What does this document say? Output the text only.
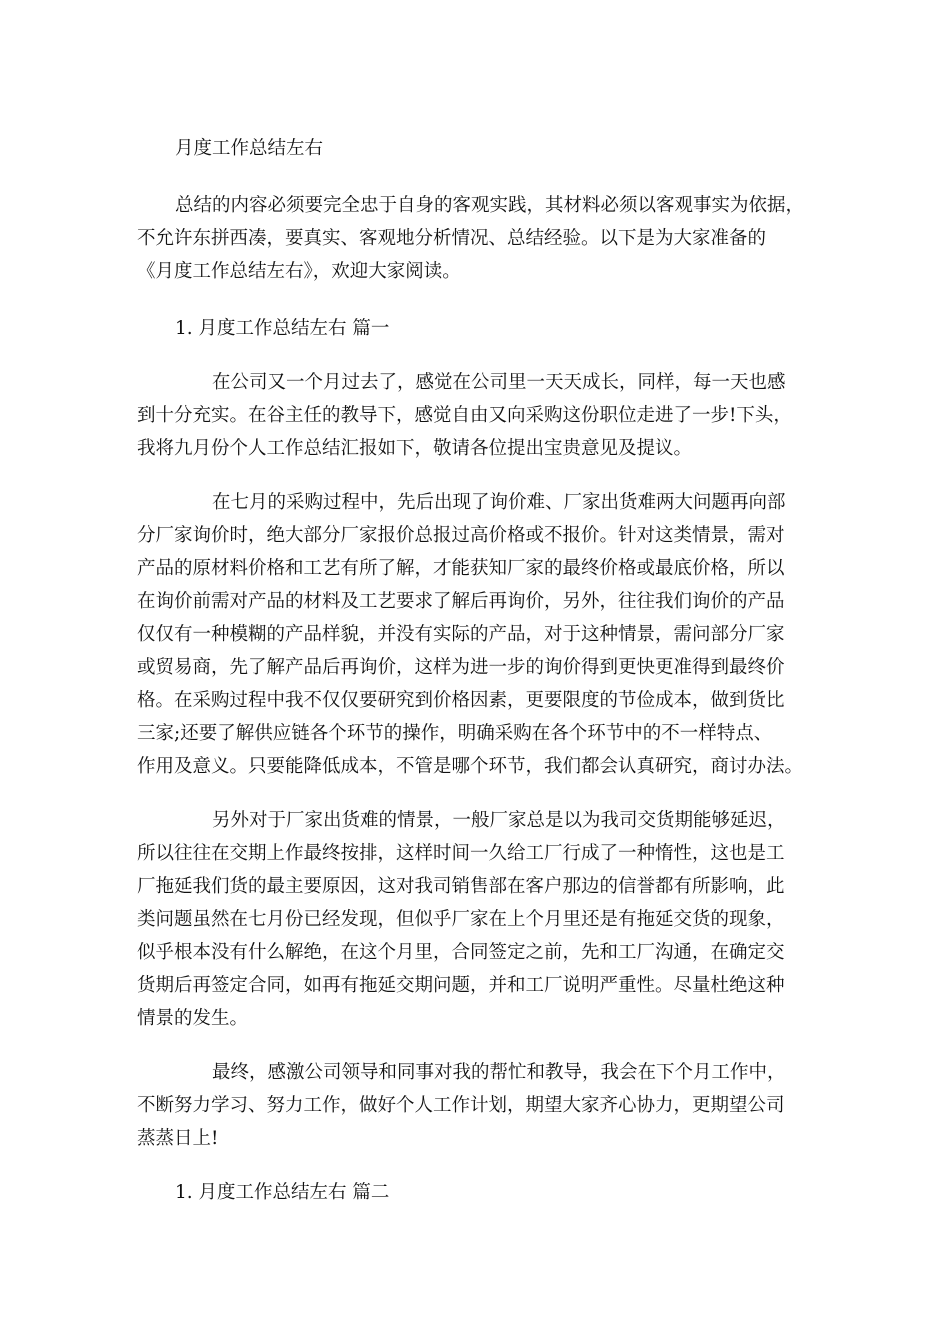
月度工作总结左右
总结的内容必须要完全忠于自身的客观实践，其材料必须以客观事实为依据，
不允许东拼西凑，要真实、客观地分析情况、总结经验。以下是为大家准备的
《月度工作总结左右》，欢迎大家阅读。
1. 月度工作总结左右 篇一
在公司又一个月过去了，感觉在公司里一天天成长，同样，每一天也感
到十分充实。在谷主任的教导下，感觉自由又向采购这份职位走进了一步!下头，
我将九月份个人工作总结汇报如下，敬请各位提出宝贵意见及提议。
在七月的采购过程中，先后出现了询价难、厂家出货难两大问题再向部
分厂家询价时，绝大部分厂家报价总报过高价格或不报价。针对这类情景，需对
产品的原材料价格和工艺有所了解，才能获知厂家的最终价格或最底价格，所以
在询价前需对产品的材料及工艺要求了解后再询价，另外，往往我们询价的产品
仅仅有一种模糊的产品样貌，并没有实际的产品，对于这种情景，需问部分厂家
或贸易商，先了解产品后再询价，这样为进一步的询价得到更快更准得到最终价
格。在采购过程中我不仅仅要研究到价格因素，更要限度的节俭成本，做到货比
三家;还要了解供应链各个环节的操作，明确采购在各个环节中的不一样特点、
作用及意义。只要能降低成本，不管是哪个环节，我们都会认真研究，商讨办法。
另外对于厂家出货难的情景，一般厂家总是以为我司交货期能够延迟，
所以往往在交期上作最终按排，这样时间一久给工厂行成了一种惰性，这也是工
厂拖延我们货的最主要原因，这对我司销售部在客户那边的信誉都有所影响，此
类问题虽然在七月份已经发现，但似乎厂家在上个月里还是有拖延交货的现象，
似乎根本没有什么解绝，在这个月里，合同签定之前，先和工厂沟通，在确定交
货期后再签定合同，如再有拖延交期问题，并和工厂说明严重性。尽量杜绝这种
情景的发生。
最终，感激公司领导和同事对我的帮忙和教导，我会在下个月工作中，
不断努力学习、努力工作，做好个人工作计划，期望大家齐心协力，更期望公司
蒸蒸日上!
1. 月度工作总结左右 篇二
